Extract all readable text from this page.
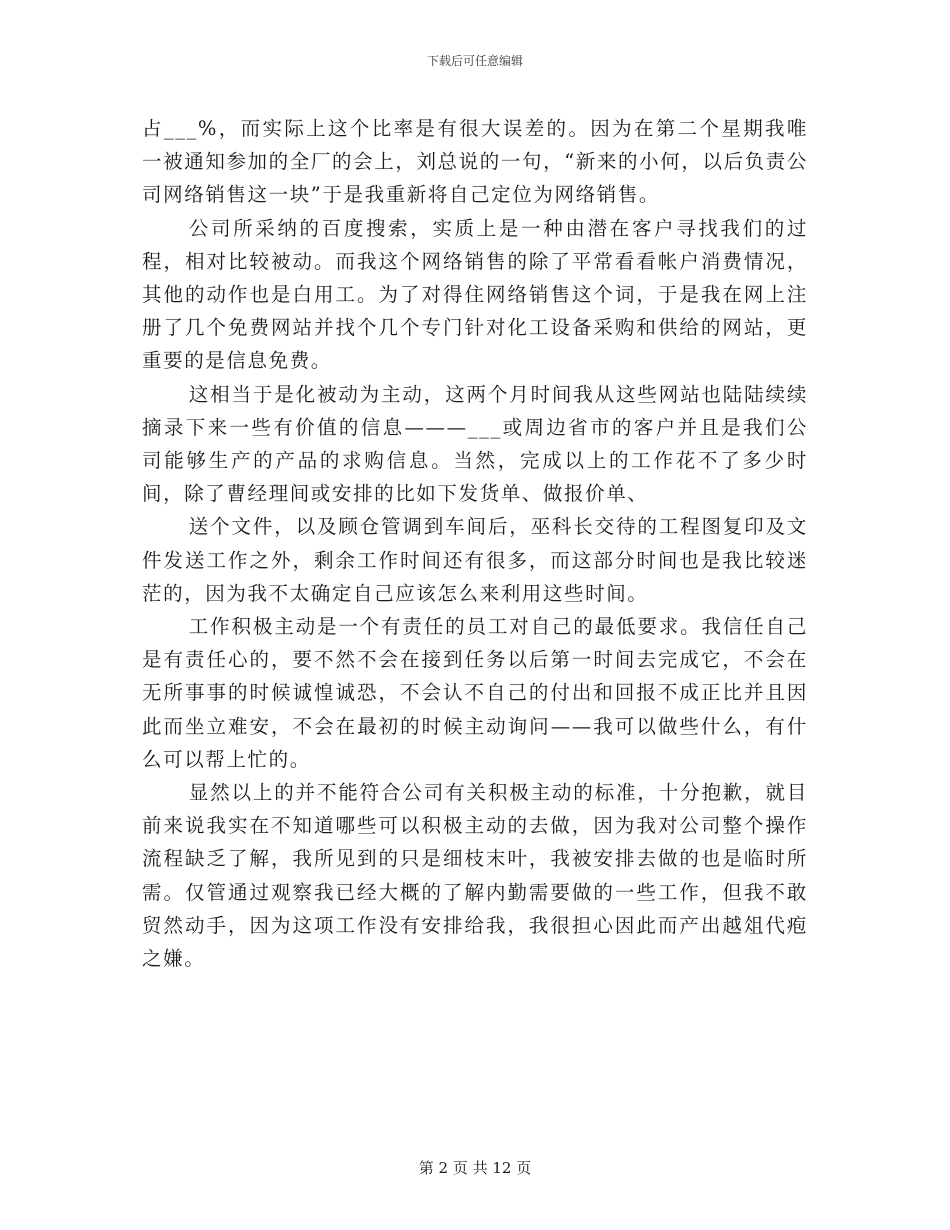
下载后可任意编辑

占___%，而实际上这个比率是有很大误差的。因为在第二个星期我唯一被通知参加的全厂的会上，刘总说的一句，“新来的小何，以后负责公司网络销售这一块”于是我重新将自己定位为网络销售。

公司所采纳的百度搜索，实质上是一种由潜在客户寻找我们的过程，相对比较被动。而我这个网络销售的除了平常看看帐户消费情况，其他的动作也是白用工。为了对得住网络销售这个词，于是我在网上注册了几个免费网站并找个几个专门针对化工设备采购和供给的网站，更重要的是信息免费。

这相当于是化被动为主动，这两个月时间我从这些网站也陆陆续续摘录下来一些有价值的信息———___或周边省市的客户并且是我们公司能够生产的产品的求购信息。当然，完成以上的工作花不了多少时间，除了曹经理间或安排的比如下发货单、做报价单、

送个文件，以及顾仓管调到车间后，巫科长交待的工程图复印及文件发送工作之外，剩余工作时间还有很多，而这部分时间也是我比较迷茫的，因为我不太确定自己应该怎么来利用这些时间。

工作积极主动是一个有责任的员工对自己的最低要求。我信任自己是有责任心的，要不然不会在接到任务以后第一时间去完成它，不会在无所事事的时候诚惶诚恐，不会认不自己的付出和回报不成正比并且因此而坐立难安，不会在最初的时候主动询问——我可以做些什么，有什么可以帮上忙的。

显然以上的并不能符合公司有关积极主动的标准，十分抱歉，就目前来说我实在不知道哪些可以积极主动的去做，因为我对公司整个操作流程缺乏了解，我所见到的只是细枝末叶，我被安排去做的也是临时所需。仅管通过观察我已经大概的了解内勤需要做的一些工作，但我不敢贸然动手，因为这项工作没有安排给我，我很担心因此而产出越俎代疱之嫌。

第 2 页 共 12 页
